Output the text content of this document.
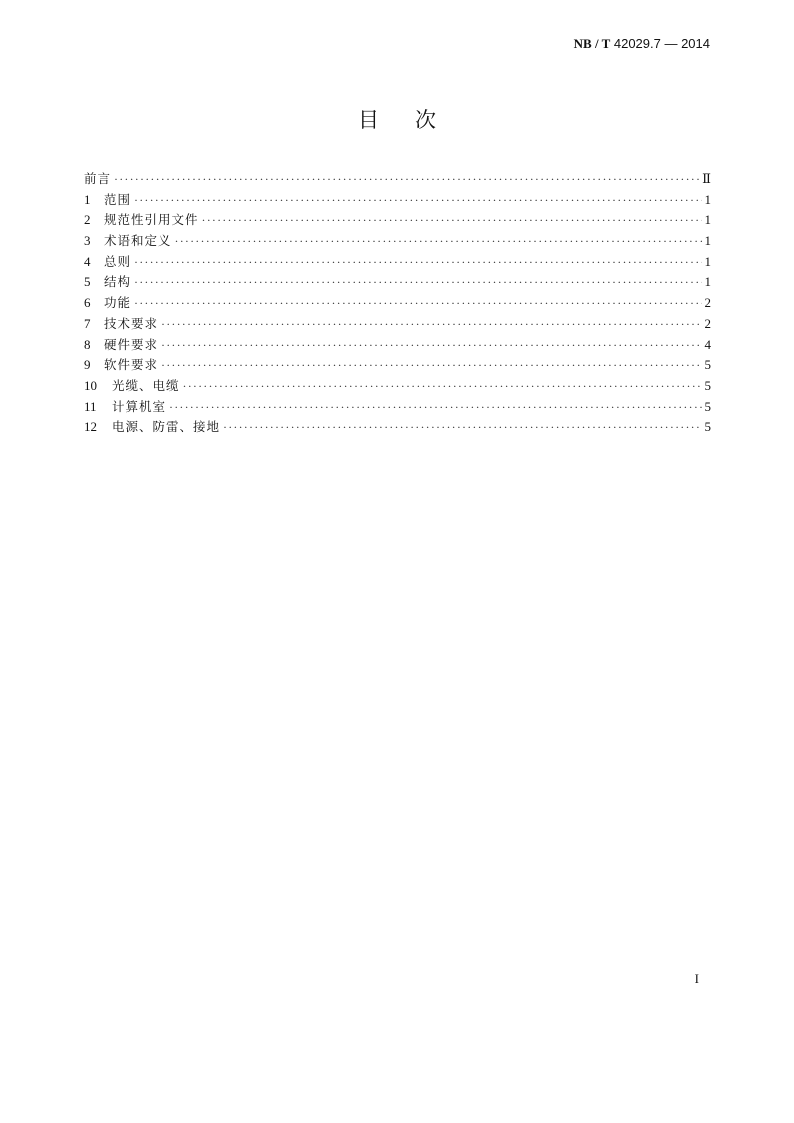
NB / T 42029.7 — 2014
目次
前言 ·····	Ⅱ
1	范围 ·····	1
2	规范性引用文件 ·····	1
3	术语和定义 ·····	1
4	总则 ·····	1
5	结构 ·····	1
6	功能 ·····	2
7	技术要求 ·····	2
8	硬件要求 ·····	4
9	软件要求 ·····	5
10	光缆、电缆 ·····	5
11	计算机室 ·····	5
12	电源、防雷、接地 ·····	5
I
